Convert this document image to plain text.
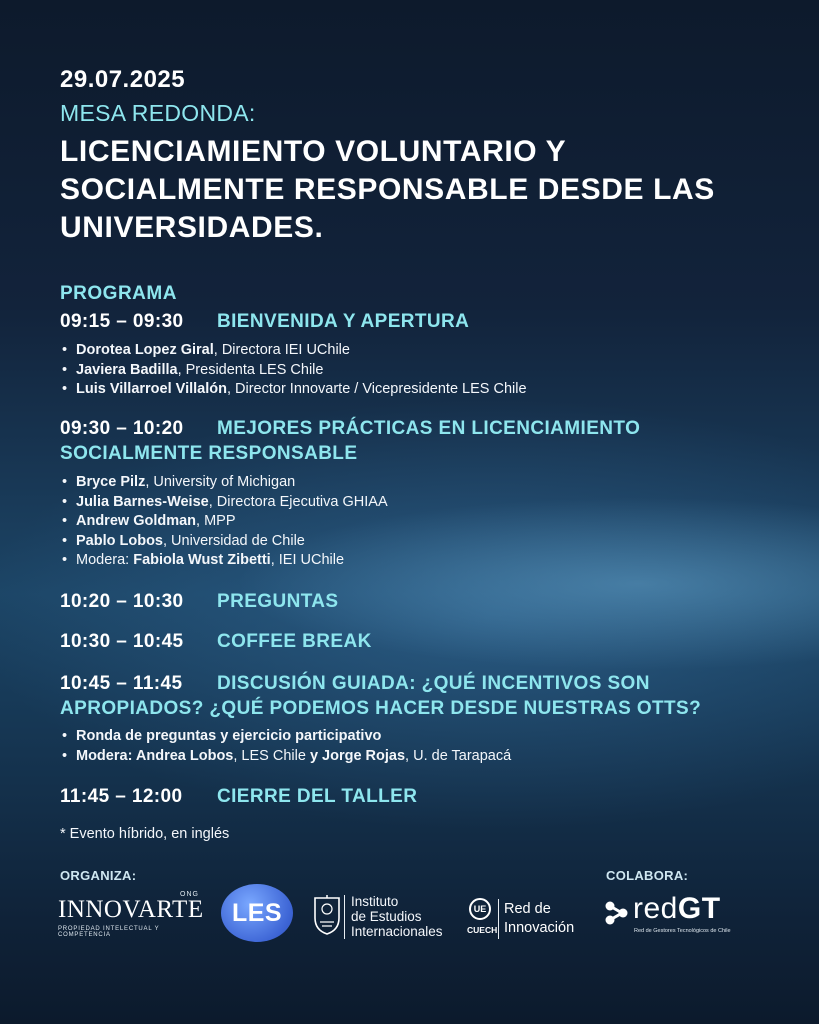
29.07.2025
MESA REDONDA:
LICENCIAMIENTO VOLUNTARIO Y
SOCIALMENTE RESPONSABLE DESDE LAS
UNIVERSIDADES.
PROGRAMA
09:15 – 09:30 BIENVENIDA Y APERTURA
• Dorotea Lopez Giral, Directora IEI UChile
• Javiera Badilla, Presidenta LES Chile
• Luis Villarroel Villalón, Director Innovarte / Vicepresidente LES Chile
09:30 – 10:20 MEJORES PRÁCTICAS EN LICENCIAMIENTO SOCIALMENTE RESPONSABLE
• Bryce Pilz, University of Michigan
• Julia Barnes-Weise, Directora Ejecutiva GHIAA
• Andrew Goldman, MPP
• Pablo Lobos, Universidad de Chile
• Modera: Fabiola Wust Zibetti, IEI UChile
10:20 – 10:30 PREGUNTAS
10:30 – 10:45 COFFEE BREAK
10:45 – 11:45 DISCUSIÓN GUIADA: ¿QUÉ INCENTIVOS SON APROPIADOS? ¿QUÉ PODEMOS HACER DESDE NUESTRAS OTTS?
• Ronda de preguntas y ejercicio participativo
• Modera: Andrea Lobos, LES Chile y Jorge Rojas, U. de Tarapacá
11:45 – 12:00 CIERRE DEL TALLER
* Evento híbrido, en inglés
ORGANIZA:	COLABORA:
ONG
INNOVARTE
PROPIEDAD INTELECTUAL Y COMPETENCIA
LES	Instituto
de Estudios
Internacionales
UE
CUECH
Red de
Innovación
redGT
Red de Gestores Tecnológicos de Chile
